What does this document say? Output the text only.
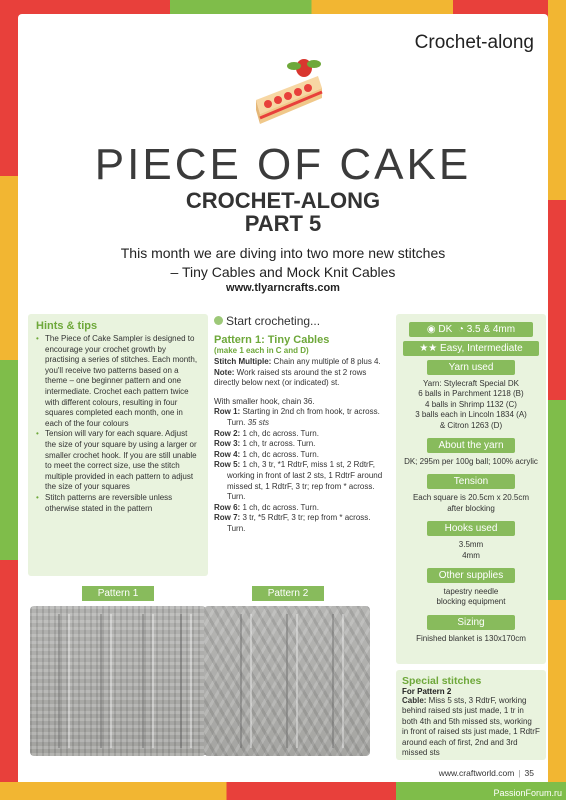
Crochet-along
PIECE OF CAKE
CROCHET-ALONG
PART 5
This month we are diving into two more new stitches
– Tiny Cables and Mock Knit Cables
www.tlyarncrafts.com
Hints & tips
• The Piece of Cake Sampler is designed to encourage your crochet growth by practising a series of stitches. Each month, you'll receive two patterns based on a theme – one beginner pattern and one intermediate. Crochet each pattern twice with different colours, resulting in four squares completed each month, one in each of the four colours
• Tension will vary for each square. Adjust the size of your square by using a larger or smaller crochet hook. If you are still unable to meet the correct size, use the stitch multiple provided in each pattern to adjust the size of your squares
• Stitch patterns are reversible unless otherwise stated in the pattern
Start crocheting...
Pattern 1: Tiny Cables
(make 1 each in C and D)

Stitch Multiple: Chain any multiple of 8 plus 4.

Note: Work raised sts around the st 2 rows directly below next (or indicated) st.

With smaller hook, chain 36.

Row 1: Starting in 2nd ch from hook, tr across. Turn. 35 sts

Row 2: 1 ch, dc across. Turn.

Row 3: 1 ch, tr across. Turn.

Row 4: 1 ch, dc across. Turn.

Row 5: 1 ch, 3 tr, *1 RdtrF, miss 1 st, 2 RdtrF, working in front of last 2 sts, 1 RdtrF around missed st, 1 RdtrF, 3 tr; rep from * across. Turn.

Row 6: 1 ch, dc across. Turn.

Row 7: 3 tr, *5 RdtrF, 3 tr; rep from * across. Turn.

◉ DK ◔ 3.5 & 4mm
★★ Easy, Intermediate
Yarn used

Yarn: Stylecraft Special DK

6 balls in Parchment 1218 (B)

4 balls in Shrimp 1132 (C)

3 balls each in Lincoln 1834 (A)

& Citron 1263 (D)

About the yarn

DK; 295m per 100g ball; 100% acrylic

Tension

Each square is 20.5cm x 20.5cm

after blocking

Hooks used

3.5mm

4mm

Other supplies

tapestry needle

blocking equipment

Sizing

Finished blanket is 130x170cm

Special stitches
For Pattern 2

Cable: Miss 5 sts, 3 RdtrF, working behind raised sts just made, 1 tr in both 4th and 5th missed sts, working in front of raised sts just made, 1 RdtrF around each of first, 2nd and 3rd missed sts

Pattern 1	Pattern 2
www.craftworld.com | 35
PassionForum.ru
